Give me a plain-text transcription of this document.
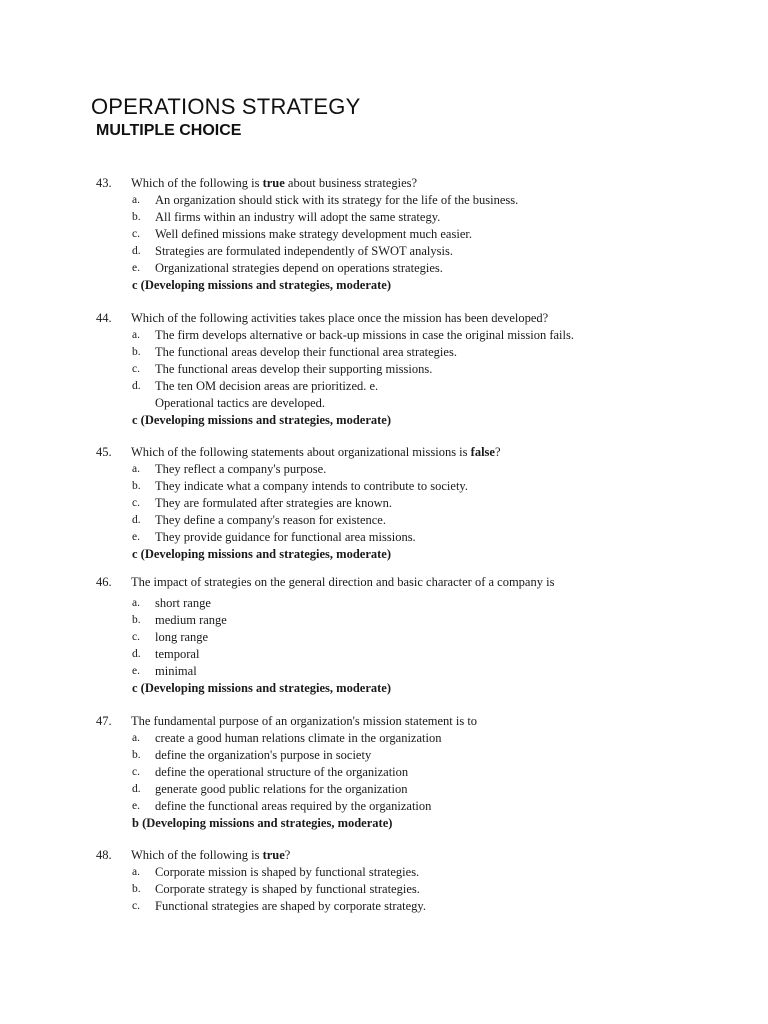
OPERATIONS STRATEGY
MULTIPLE CHOICE
43. Which of the following is true about business strategies?
a. An organization should stick with its strategy for the life of the business.
b. All firms within an industry will adopt the same strategy.
c. Well defined missions make strategy development much easier.
d. Strategies are formulated independently of SWOT analysis.
e. Organizational strategies depend on operations strategies.
c (Developing missions and strategies, moderate)
44. Which of the following activities takes place once the mission has been developed?
a. The firm develops alternative or back-up missions in case the original mission fails.
b. The functional areas develop their functional area strategies.
c. The functional areas develop their supporting missions.
d. The ten OM decision areas are prioritized. e.
Operational tactics are developed.
c (Developing missions and strategies, moderate)
45. Which of the following statements about organizational missions is false?
a. They reflect a company's purpose.
b. They indicate what a company intends to contribute to society.
c. They are formulated after strategies are known.
d. They define a company's reason for existence.
e. They provide guidance for functional area missions.
c (Developing missions and strategies, moderate)
46. The impact of strategies on the general direction and basic character of a company is
a. short range
b. medium range
c. long range
d. temporal
e. minimal
c (Developing missions and strategies, moderate)
47. The fundamental purpose of an organization's mission statement is to
a. create a good human relations climate in the organization
b. define the organization's purpose in society
c. define the operational structure of the organization
d. generate good public relations for the organization
e. define the functional areas required by the organization
b (Developing missions and strategies, moderate)
48. Which of the following is true?
a. Corporate mission is shaped by functional strategies.
b. Corporate strategy is shaped by functional strategies.
c. Functional strategies are shaped by corporate strategy.
